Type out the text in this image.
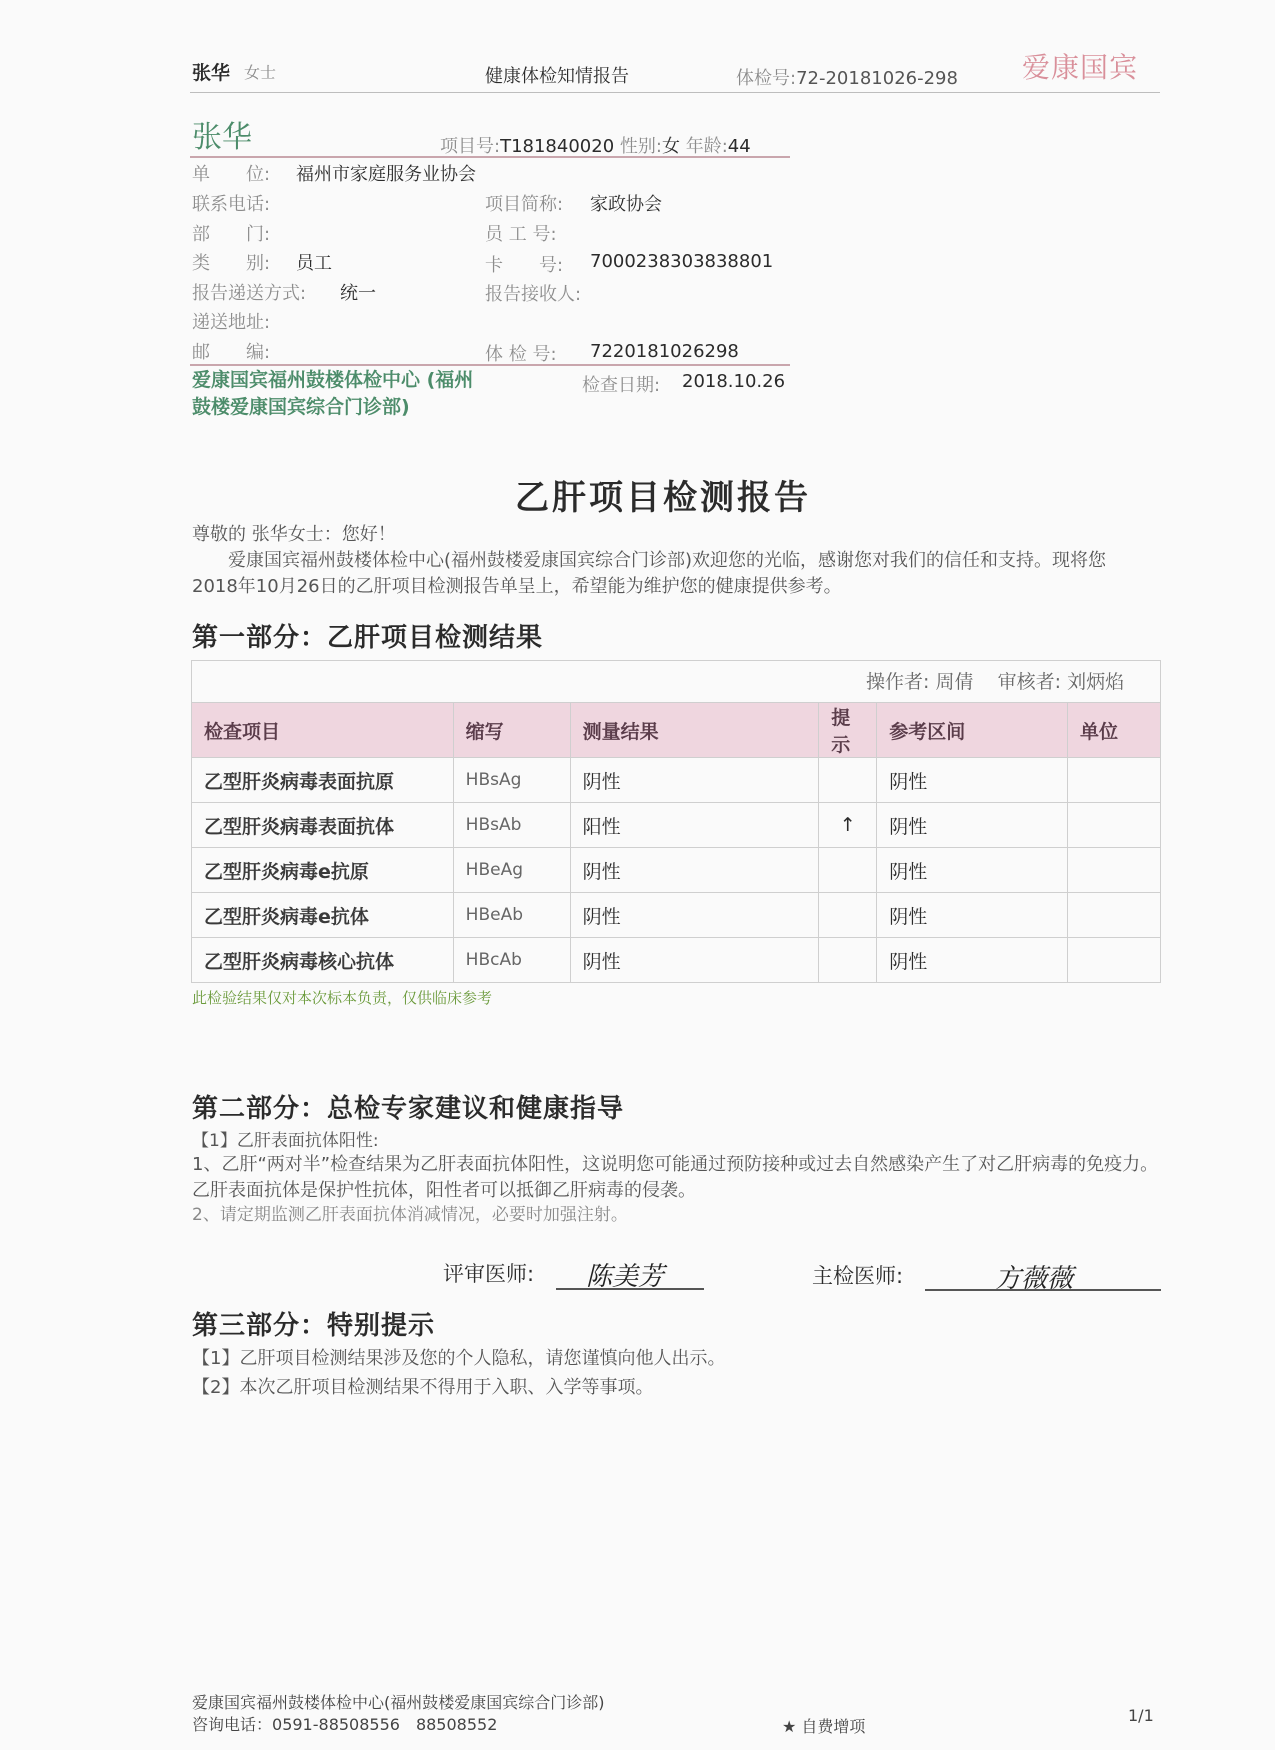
张华 女士	健康体检知情报告	体检号:72-20181026-298 爱康国宾
张华	项目号:T181840020 性别:女 年龄:44
单　　位: 福州市家庭服务业协会
联系电话:	项目简称: 家政协会
部　　门:	员 工 号:
类　　别: 员工	卡　　号: 7000238303838801
报告递送方式: 统一	报告接收人:
递送地址:
邮　　编:	体 检 号: 7220181026298
爱康国宾福州鼓楼体检中心 (福州鼓楼爱康国宾综合门诊部)
检查日期: 2018.10.26
乙肝项目检测报告
尊敬的 张华女士：您好！
爱康国宾福州鼓楼体检中心(福州鼓楼爱康国宾综合门诊部)欢迎您的光临，感谢您对我们的信任和支持。现将您2018年10月26日的乙肝项目检测报告单呈上，希望能为维护您的健康提供参考。
第一部分：乙肝项目检测结果
操作者: 周倩 审核者: 刘炳焰
检查项目	缩写	测量结果	提示	参考区间	单位
乙型肝炎病毒表面抗原	HBsAg	阴性		阴性	
乙型肝炎病毒表面抗体	HBsAb	阳性	↑	阴性	
乙型肝炎病毒e抗原	HBeAg	阴性		阴性	
乙型肝炎病毒e抗体	HBeAb	阴性		阴性	
乙型肝炎病毒核心抗体	HBcAb	阴性		阴性	
此检验结果仅对本次标本负责，仅供临床参考
第二部分：总检专家建议和健康指导
【1】乙肝表面抗体阳性:
1、乙肝“两对半”检查结果为乙肝表面抗体阳性，这说明您可能通过预防接种或过去自然感染产生了对乙肝病毒的免疫力。乙肝表面抗体是保护性抗体，阳性者可以抵御乙肝病毒的侵袭。
2、请定期监测乙肝表面抗体消减情况，必要时加强注射。
评审医师: 陈美芳	主检医师:	方薇薇
第三部分：特别提示
【1】乙肝项目检测结果涉及您的个人隐私，请您谨慎向他人出示。
【2】本次乙肝项目检测结果不得用于入职、入学等事项。
爱康国宾福州鼓楼体检中心(福州鼓楼爱康国宾综合门诊部)
咨询电话：0591-88508556　88508552	★ 自费增项
1/1
